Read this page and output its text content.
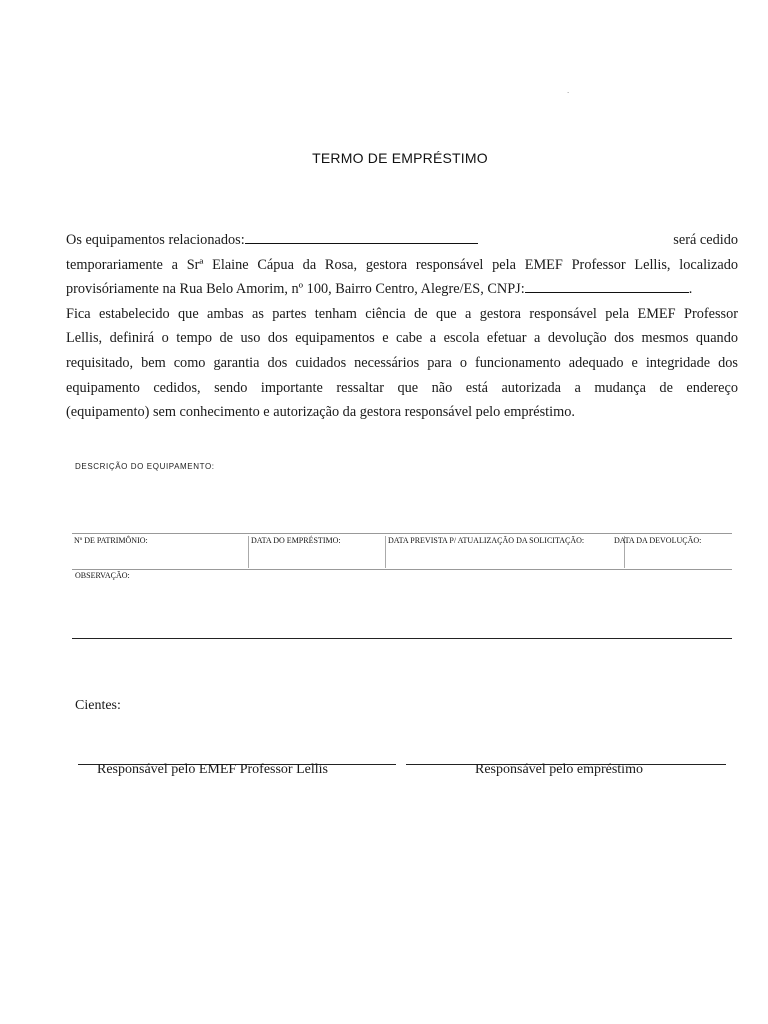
.
TERMO DE EMPRÉSTIMO
Os equipamentos relacionados:	será cedido
temporariamente a Srª Elaine Cápua da Rosa, gestora responsável pela EMEF Professor Lellis, localizado
provisóriamente na Rua Belo Amorim, nº 100, Bairro Centro, Alegre/ES, CNPJ:	.
Fica estabelecido que ambas as partes tenham ciência de que a gestora responsável pela EMEF Professor
Lellis, definirá o tempo de uso dos equipamentos e cabe a escola efetuar a devolução dos mesmos quando
requisitado, bem como garantia dos cuidados necessários para o funcionamento adequado e integridade dos
equipamento cedidos, sendo importante ressaltar que não está autorizada a mudança de endereço
(equipamento) sem conhecimento e autorização da gestora responsável pelo empréstimo.
DESCRIÇÃO DO EQUIPAMENTO:
Nº DE PATRIMÔNIO:	DATA DO EMPRÉSTIMO:	DATA PREVISTA P/ ATUALIZAÇÃO DA SOLICITAÇÃO:	DATA DA DEVOLUÇÃO:
OBSERVAÇÃO:
Cientes:
Responsável pelo EMEF Professor Lellis	Responsável pelo empréstimo
